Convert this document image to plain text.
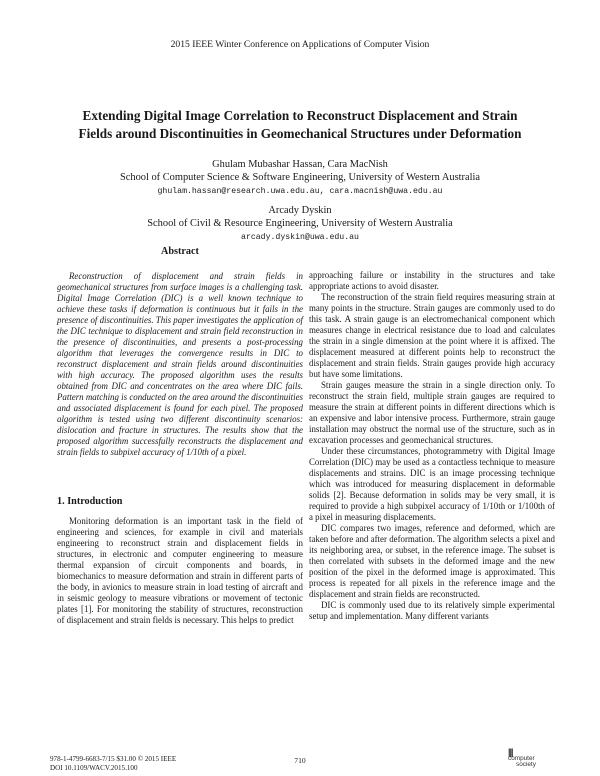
2015 IEEE Winter Conference on Applications of Computer Vision
Extending Digital Image Correlation to Reconstruct Displacement and Strain
Fields around Discontinuities in Geomechanical Structures under Deformation
Ghulam Mubashar Hassan, Cara MacNish
School of Computer Science & Software Engineering, University of Western Australia
ghulam.hassan@research.uwa.edu.au, cara.macnish@uwa.edu.au
Arcady Dyskin
School of Civil & Resource Engineering, University of Western Australia
arcady.dyskin@uwa.edu.au
Abstract

Reconstruction of displacement and strain fields in geomechanical structures from surface images is a challenging task. Digital Image Correlation (DIC) is a well known technique to achieve these tasks if deformation is continuous but it fails in the presence of discontinuities. This paper investigates the application of the DIC technique to displacement and strain field reconstruction in the presence of discontinuities, and presents a post-processing algorithm that leverages the convergence results in DIC to reconstruct displacement and strain fields around discontinuities with high accuracy. The proposed algorithm uses the results obtained from DIC and concentrates on the area where DIC fails. Pattern matching is conducted on the area around the discontinuities and associated displacement is found for each pixel. The proposed algorithm is tested using two different discontinuity scenarios: dislocation and fracture in structures. The results show that the proposed algorithm successfully reconstructs the displacement and strain fields to subpixel accuracy of 1/10th of a pixel.

1. Introduction

Monitoring deformation is an important task in the field of engineering and sciences, for example in civil and materials engineering to reconstruct strain and displacement fields in structures, in electronic and computer engineering to measure thermal expansion of circuit components and boards, in biomechanics to measure deformation and strain in different parts of the body, in avionics to measure strain in load testing of aircraft and in seismic geology to measure vibrations or movement of tectonic plates [1]. For monitoring the stability of structures, reconstruction of displacement and strain fields is necessary. This helps to predict

approaching failure or instability in the structures and take appropriate actions to avoid disaster.

The reconstruction of the strain field requires measuring strain at many points in the structure. Strain gauges are commonly used to do this task. A strain gauge is an electromechanical component which measures change in electrical resistance due to load and calculates the strain in a single dimension at the point where it is affixed. The displacement measured at different points help to reconstruct the displacement and strain fields. Strain gauges provide high accuracy but have some limitations.

Strain gauges measure the strain in a single direction only. To reconstruct the strain field, multiple strain gauges are required to measure the strain at different points in different directions which is an expensive and labor intensive process. Furthermore, strain gauge installation may obstruct the normal use of the structure, such as in excavation processes and geomechanical structures.

Under these circumstances, photogrammetry with Digital Image Correlation (DIC) may be used as a contactless technique to measure displacements and strains. DIC is an image processing technique which was introduced for measuring displacement in deformable solids [2]. Because deformation in solids may be very small, it is required to provide a high subpixel accuracy of 1/10th or 1/100th of a pixel in measuring displacements.

DIC compares two images, reference and deformed, which are taken before and after deformation. The algorithm selects a pixel and its neighboring area, or subset, in the reference image. The subset is then correlated with subsets in the deformed image and the new position of the pixel in the deformed image is approximated. This process is repeated for all pixels in the reference image and the displacement and strain fields are reconstructed.

DIC is commonly used due to its relatively simple experimental setup and implementation. Many different variants

978-1-4799-6683-7/15 $31.00 © 2015 IEEE
DOI 10.1109/WACV.2015.100
710
|||
computer
society
